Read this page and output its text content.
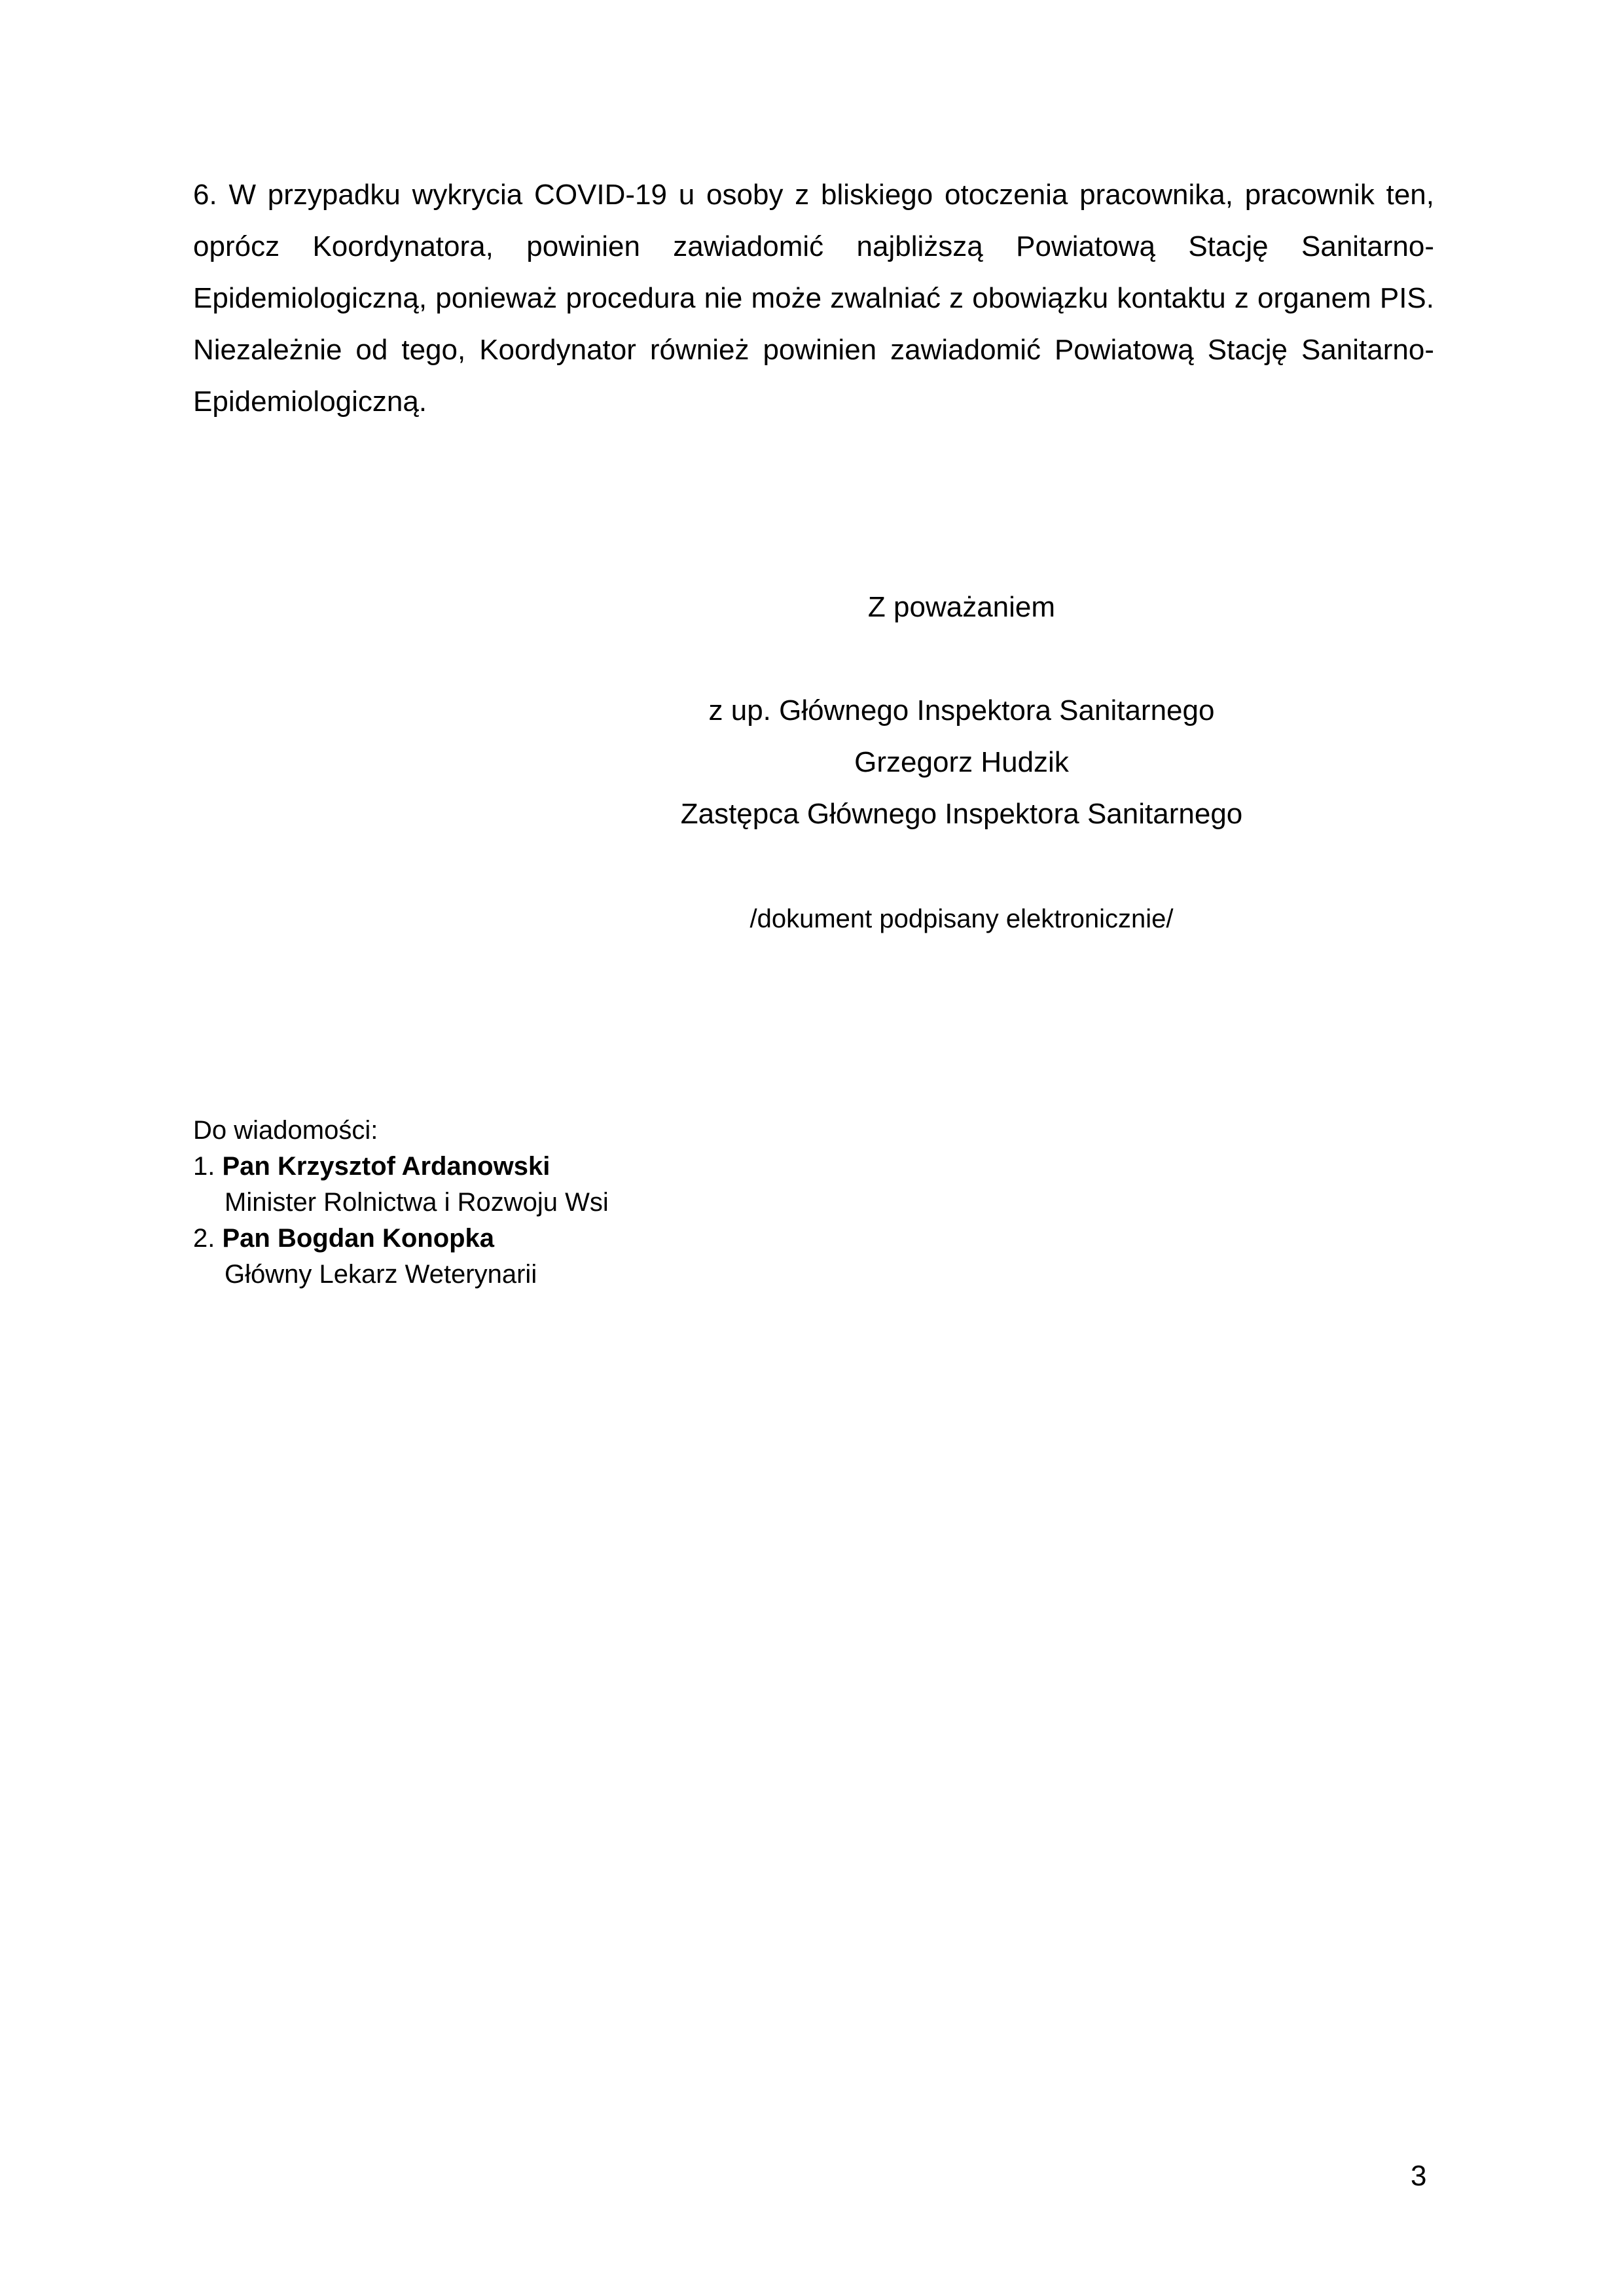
6. W przypadku wykrycia COVID-19 u osoby z bliskiego otoczenia pracownika, pracownik ten, oprócz Koordynatora, powinien zawiadomić najbliższą Powiatową Stację Sanitarno-Epidemiologiczną, ponieważ procedura nie może zwalniać z obowiązku kontaktu z organem PIS. Niezależnie od tego, Koordynator również powinien zawiadomić Powiatową Stację Sanitarno-Epidemiologiczną.

Z poważaniem

z up. Głównego Inspektora Sanitarnego

Grzegorz Hudzik

Zastępca Głównego Inspektora Sanitarnego

/dokument podpisany elektronicznie/

Do wiadomości:
1. Pan Krzysztof Ardanowski
Minister Rolnictwa i Rozwoju Wsi
2. Pan Bogdan Konopka
Główny Lekarz Weterynarii
3
